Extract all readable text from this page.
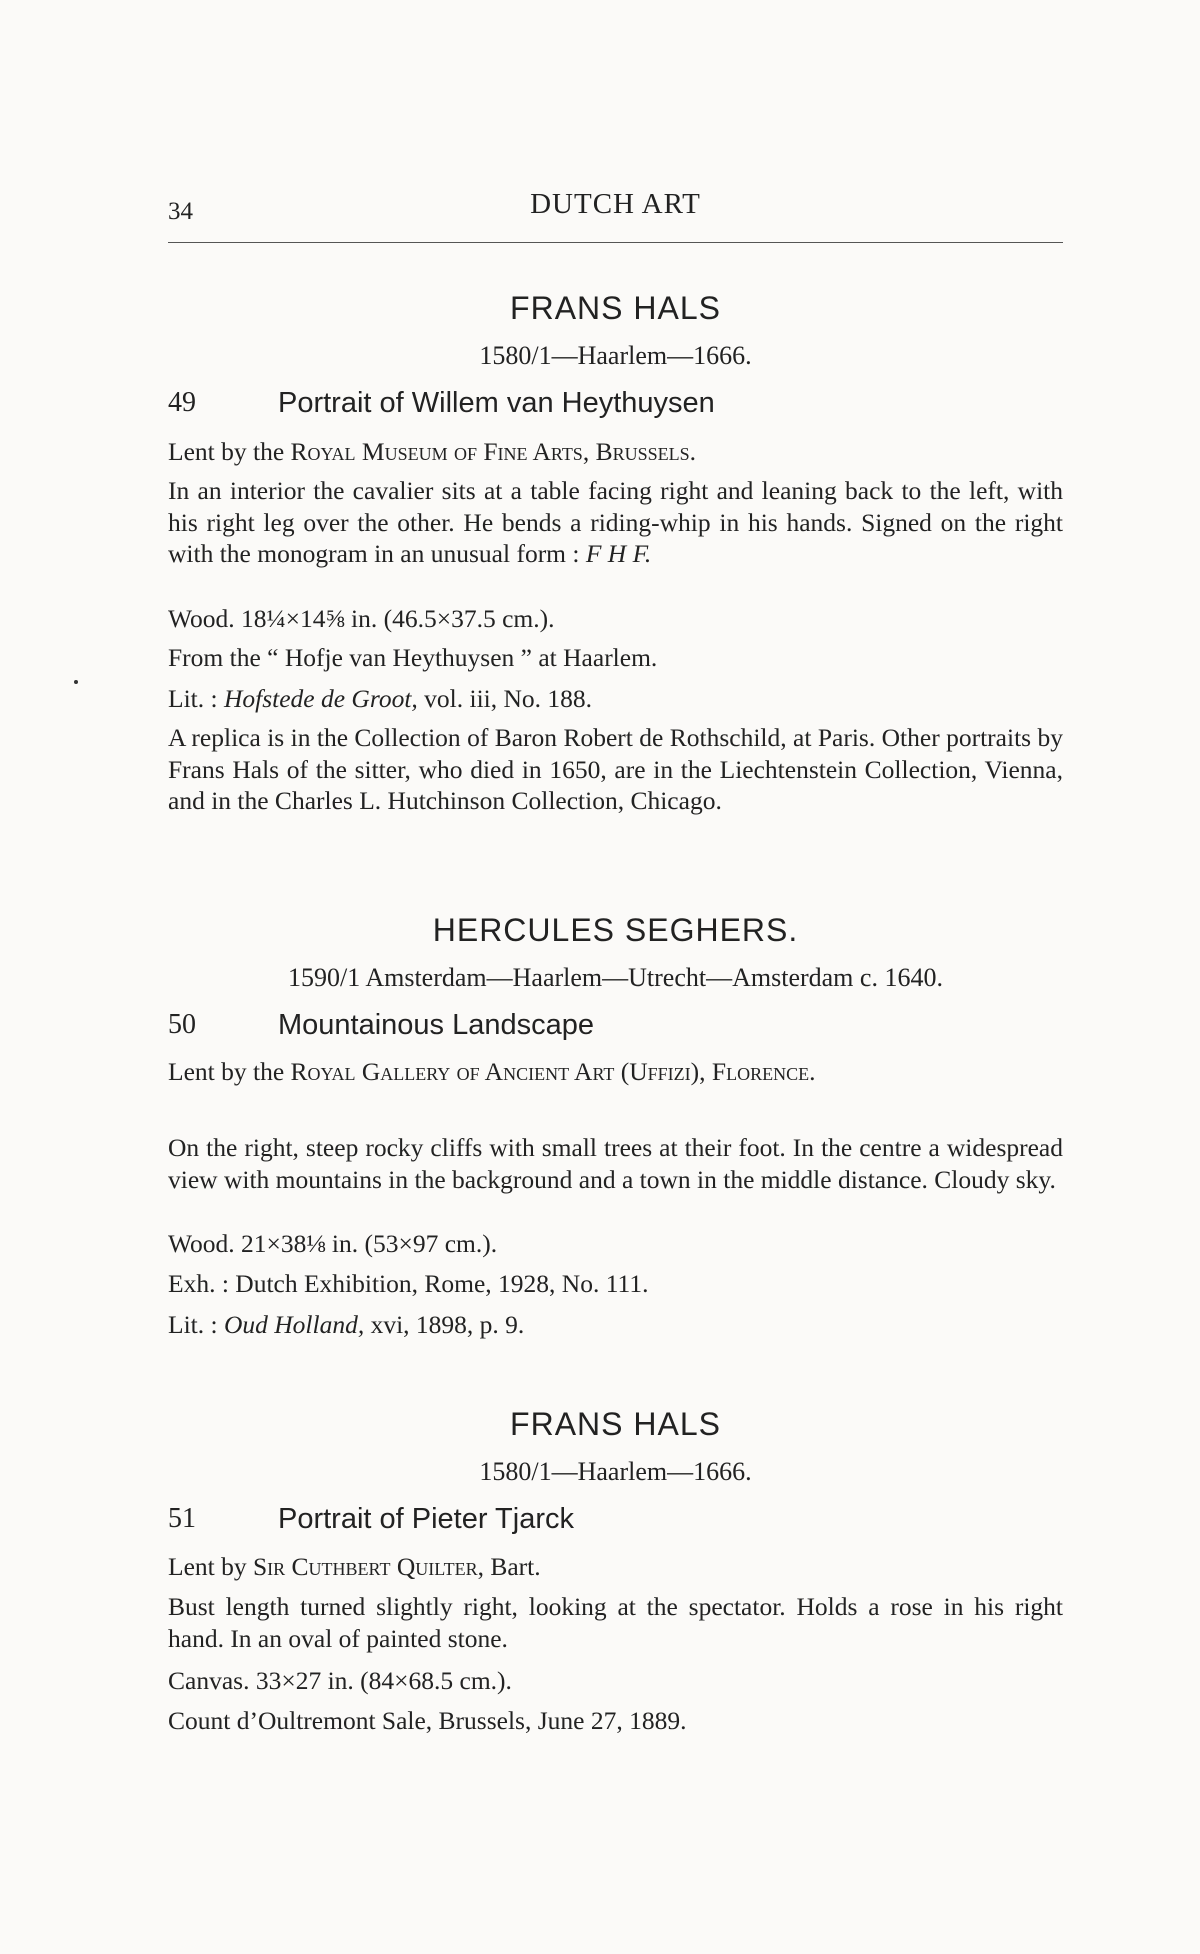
34	DUTCH ART
FRANS HALS
1580/1—Haarlem—1666.
49	Portrait of Willem van Heythuysen
Lent by the Royal Museum of Fine Arts, Brussels.

In an interior the cavalier sits at a table facing right and leaning back to the left, with his right leg over the other. He bends a riding-whip in his hands. Signed on the right with the monogram in an unusual form : F H F.

Wood. 18¼×14⅝ in. (46.5×37.5 cm.).
From the “ Hofje van Heythuysen ” at Haarlem.
Lit. : Hofstede de Groot, vol. iii, No. 188.

A replica is in the Collection of Baron Robert de Rothschild, at Paris. Other portraits by Frans Hals of the sitter, who died in 1650, are in the Liechtenstein Collection, Vienna, and in the Charles L. Hutchinson Collection, Chicago.

HERCULES SEGHERS.
1590/1 Amsterdam—Haarlem—Utrecht—Amsterdam c. 1640.
50	Mountainous Landscape

Lent by the Royal Gallery of Ancient Art (Uffizi), Florence.

On the right, steep rocky cliffs with small trees at their foot. In the centre a widespread view with mountains in the background and a town in the middle distance. Cloudy sky.

Wood. 21×38⅛ in. (53×97 cm.).
Exh. : Dutch Exhibition, Rome, 1928, No. 111.
Lit. : Oud Holland, xvi, 1898, p. 9.
FRANS HALS
1580/1—Haarlem—1666.
51	Portrait of Pieter Tjarck
Lent by Sir Cuthbert Quilter, Bart.

Bust length turned slightly right, looking at the spectator. Holds a rose in his right hand. In an oval of painted stone.

Canvas. 33×27 in. (84×68.5 cm.).
Count d’Oultremont Sale, Brussels, June 27, 1889.
